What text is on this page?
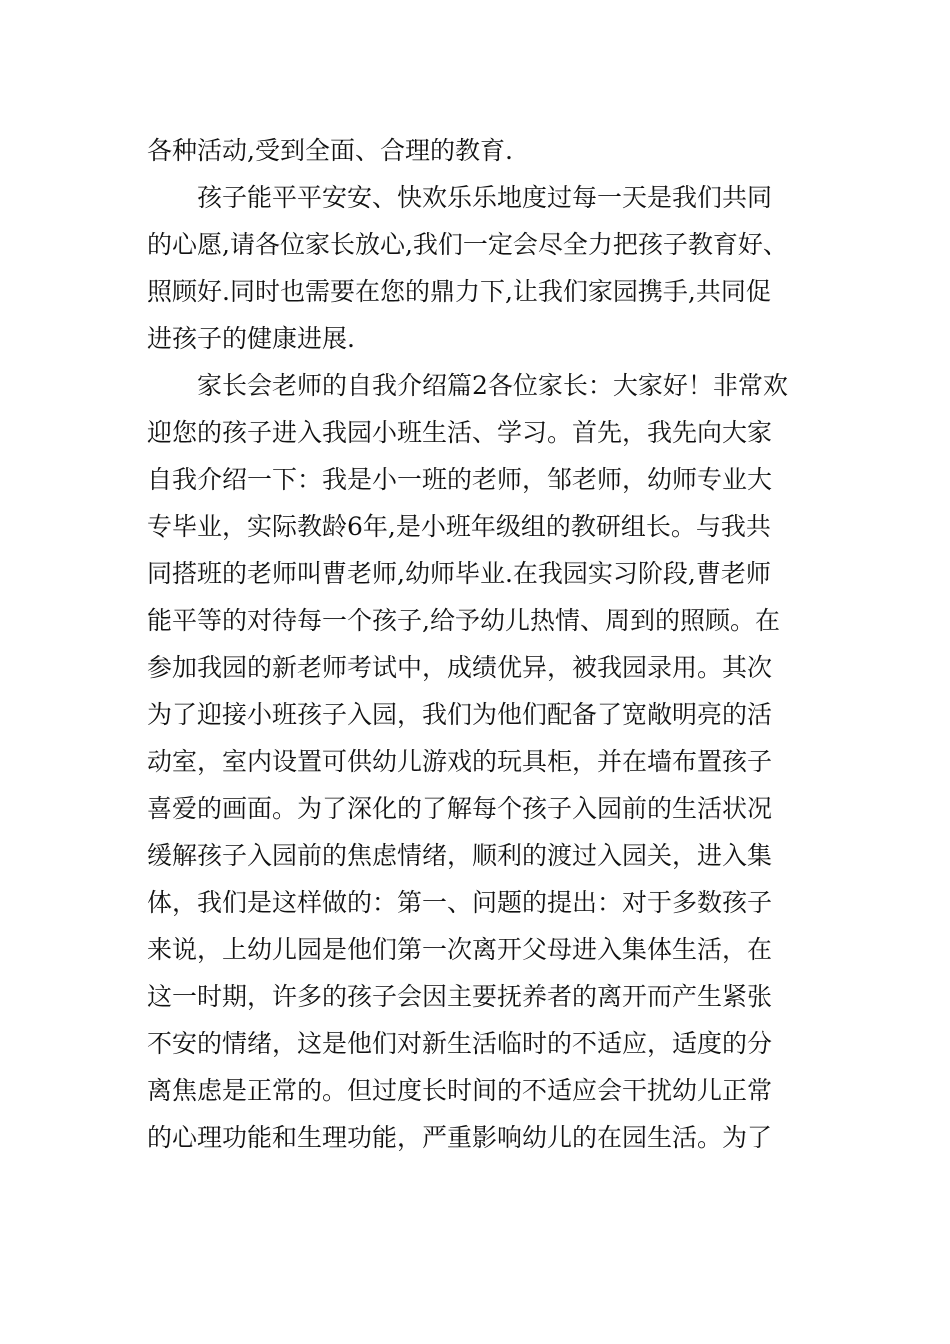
各种活动,受到全面、合理的教育.
孩子能平平安安、快欢乐乐地度过每一天是我们共同
的心愿,请各位家长放心,我们一定会尽全力把孩子教育好、
照顾好.同时也需要在您的鼎力下,让我们家园携手,共同促
进孩子的健康进展.
家长会老师的自我介绍篇2各位家长：大家好！非常欢
迎您的孩子进入我园小班生活、学习。首先，我先向大家
自我介绍一下：我是小一班的老师，邹老师，幼师专业大
专毕业，实际教龄6年,是小班年级组的教研组长。与我共
同搭班的老师叫曹老师,幼师毕业.在我园实习阶段,曹老师
能平等的对待每一个孩子,给予幼儿热情、周到的照顾。在
参加我园的新老师考试中，成绩优异，被我园录用。其次
为了迎接小班孩子入园，我们为他们配备了宽敞明亮的活
动室，室内设置可供幼儿游戏的玩具柜，并在墙布置孩子
喜爱的画面。为了深化的了解每个孩子入园前的生活状况
缓解孩子入园前的焦虑情绪，顺利的渡过入园关，进入集
体，我们是这样做的：第一、问题的提出：对于多数孩子
来说，上幼儿园是他们第一次离开父母进入集体生活，在
这一时期，许多的孩子会因主要抚养者的离开而产生紧张
不安的情绪，这是他们对新生活临时的不适应，适度的分
离焦虑是正常的。但过度长时间的不适应会干扰幼儿正常
的心理功能和生理功能，严重影响幼儿的在园生活。为了
